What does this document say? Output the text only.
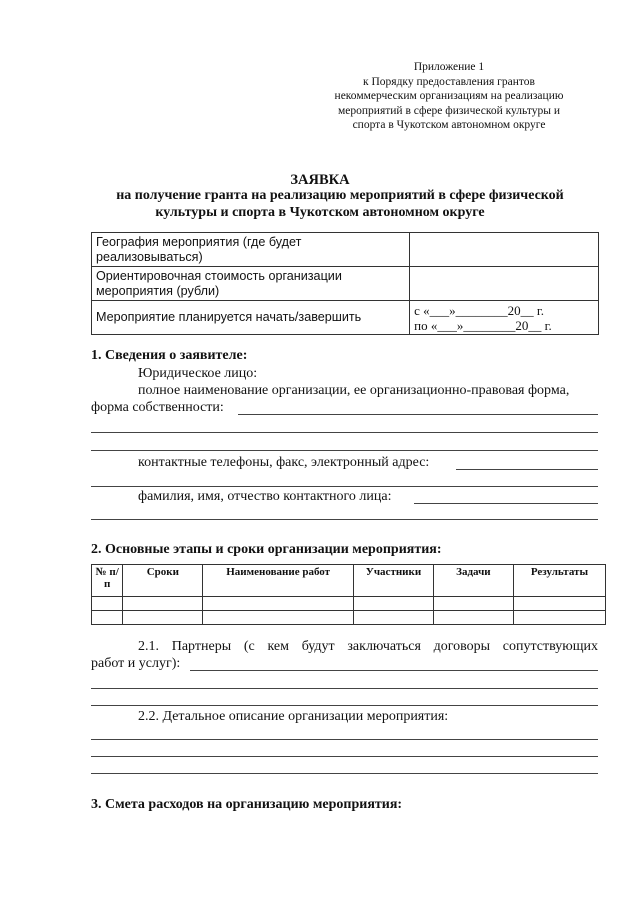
Приложение 1
к Порядку предоставления грантов
некоммерческим организациям на реализацию
мероприятий в сфере физической культуры и
спорта в Чукотском автономном округе
ЗАЯВКА
на получение гранта на реализацию мероприятий в сфере физической
культуры и спорта в Чукотском автономном округе
География мероприятия (где будет реализовываться)	
Ориентировочная стоимость организации мероприятия (рубли)	
Мероприятие планируется начать/завершить	с «___»________20__ г.
по «___»________20__ г.
1. Сведения о заявителе:
Юридическое лицо:
полное наименование организации, ее организационно-правовая форма,
форма собственности:
контактные телефоны, факс, электронный адрес:
фамилия, имя, отчество контактного лица:
2. Основные этапы и сроки организации мероприятия:
№ п/п	Сроки	Наименование работ	Участники	Задачи	Результаты

2.1. Партнеры (с кем будут заключаться договоры сопутствующих
работ и услуг):
2.2. Детальное описание организации мероприятия:
3. Смета расходов на организацию мероприятия:
